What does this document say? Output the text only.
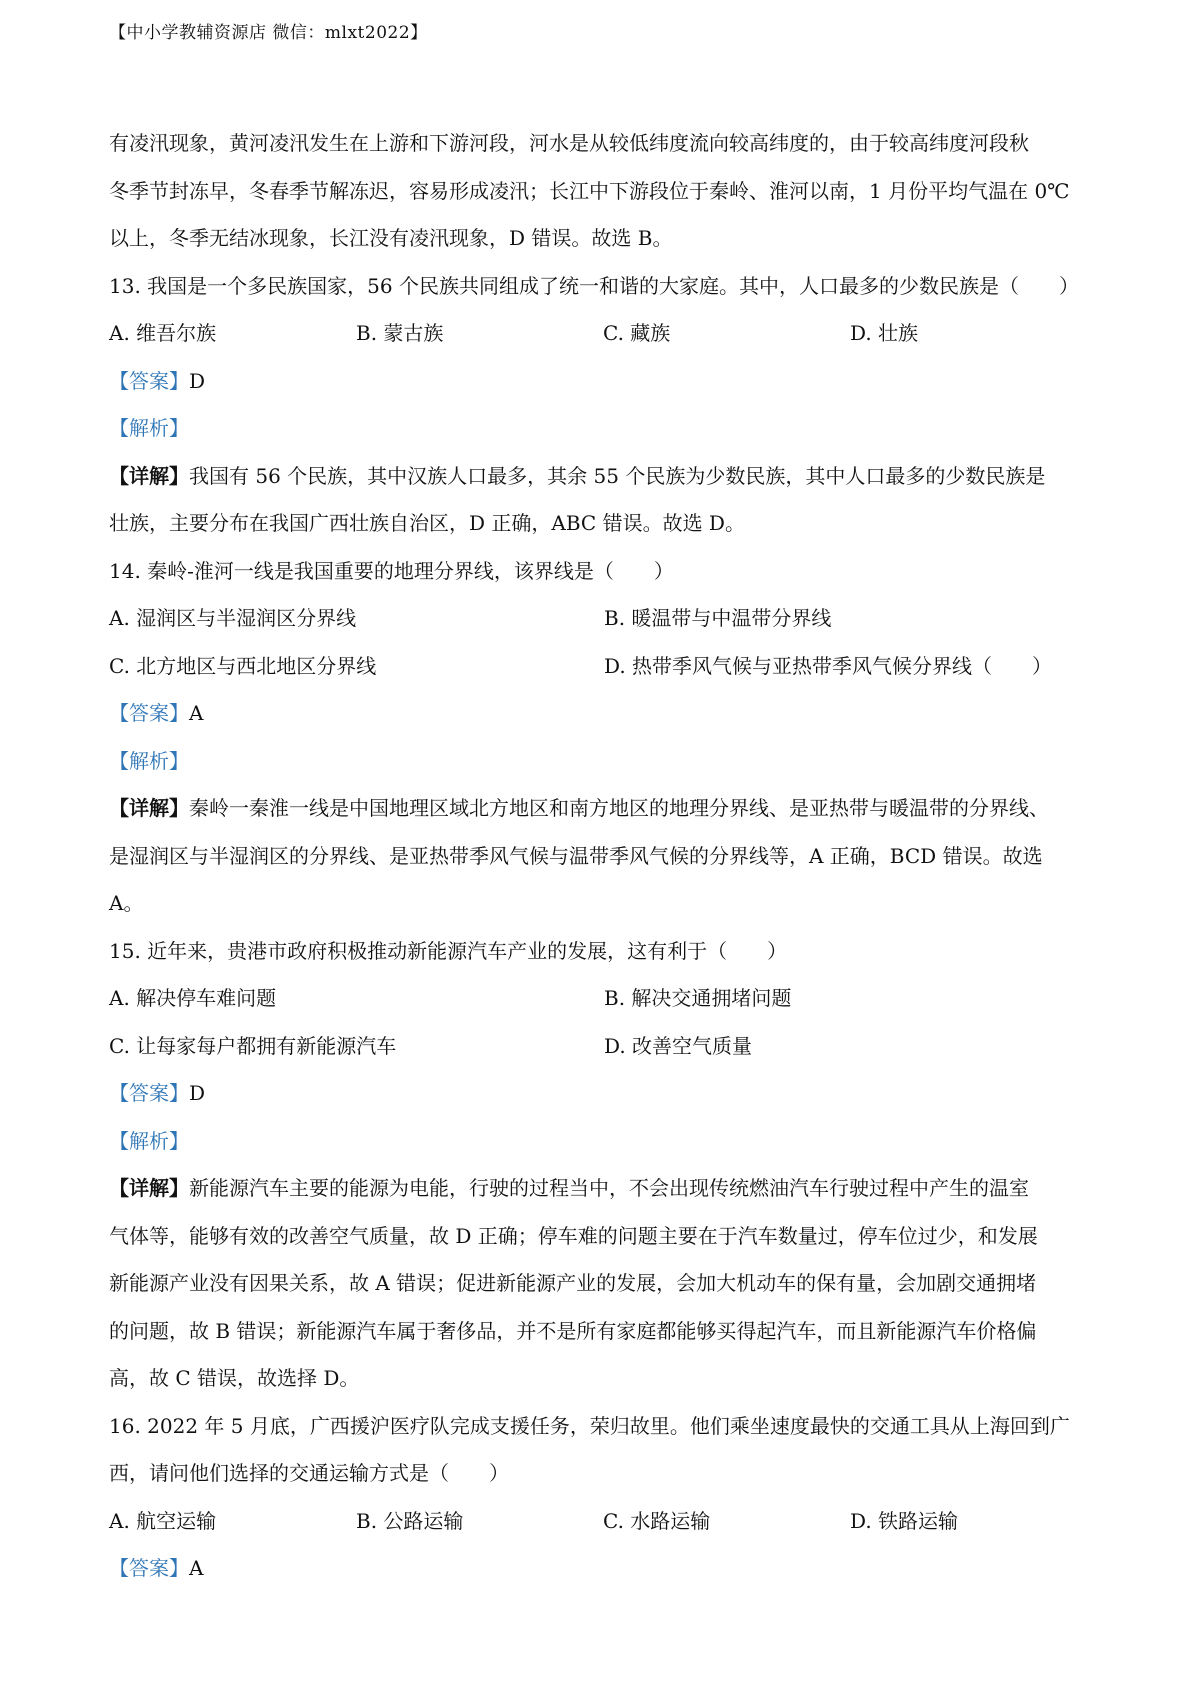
【中小学教辅资源店 微信：mlxt2022】
有凌汛现象，黄河凌汛发生在上游和下游河段，河水是从较低纬度流向较高纬度的，由于较高纬度河段秋
冬季节封冻早，冬春季节解冻迟，容易形成凌汛；长江中下游段位于秦岭、淮河以南，1 月份平均气温在 0℃
以上，冬季无结冰现象，长江没有凌汛现象，D 错误。故选 B。
13. 我国是一个多民族国家，56 个民族共同组成了统一和谐的大家庭。其中，人口最多的少数民族是（　　）
A. 维吾尔族	B. 蒙古族	C. 藏族	D. 壮族
【答案】D
【解析】
【详解】我国有 56 个民族，其中汉族人口最多，其余 55 个民族为少数民族，其中人口最多的少数民族是
壮族，主要分布在我国广西壮族自治区，D 正确，ABC 错误。故选 D。
14. 秦岭-淮河一线是我国重要的地理分界线，该界线是（　　）
A. 湿润区与半湿润区分界线	B. 暖温带与中温带分界线
C. 北方地区与西北地区分界线	D. 热带季风气候与亚热带季风气候分界线（　　）
【答案】A
【解析】
【详解】秦岭一秦淮一线是中国地理区域北方地区和南方地区的地理分界线、是亚热带与暖温带的分界线、
是湿润区与半湿润区的分界线、是亚热带季风气候与温带季风气候的分界线等，A 正确，BCD 错误。故选
A。
15. 近年来，贵港市政府积极推动新能源汽车产业的发展，这有利于（　　）
A. 解决停车难问题	B. 解决交通拥堵问题
C. 让每家每户都拥有新能源汽车	D. 改善空气质量
【答案】D
【解析】
【详解】新能源汽车主要的能源为电能，行驶的过程当中，不会出现传统燃油汽车行驶过程中产生的温室
气体等，能够有效的改善空气质量，故 D 正确；停车难的问题主要在于汽车数量过，停车位过少，和发展
新能源产业没有因果关系，故 A 错误；促进新能源产业的发展，会加大机动车的保有量，会加剧交通拥堵
的问题，故 B 错误；新能源汽车属于奢侈品，并不是所有家庭都能够买得起汽车，而且新能源汽车价格偏
高，故 C 错误，故选择 D。
16. 2022 年 5 月底，广西援沪医疗队完成支援任务，荣归故里。他们乘坐速度最快的交通工具从上海回到广
西，请问他们选择的交通运输方式是（　　）
A. 航空运输	B. 公路运输	C. 水路运输	D. 铁路运输
【答案】A
